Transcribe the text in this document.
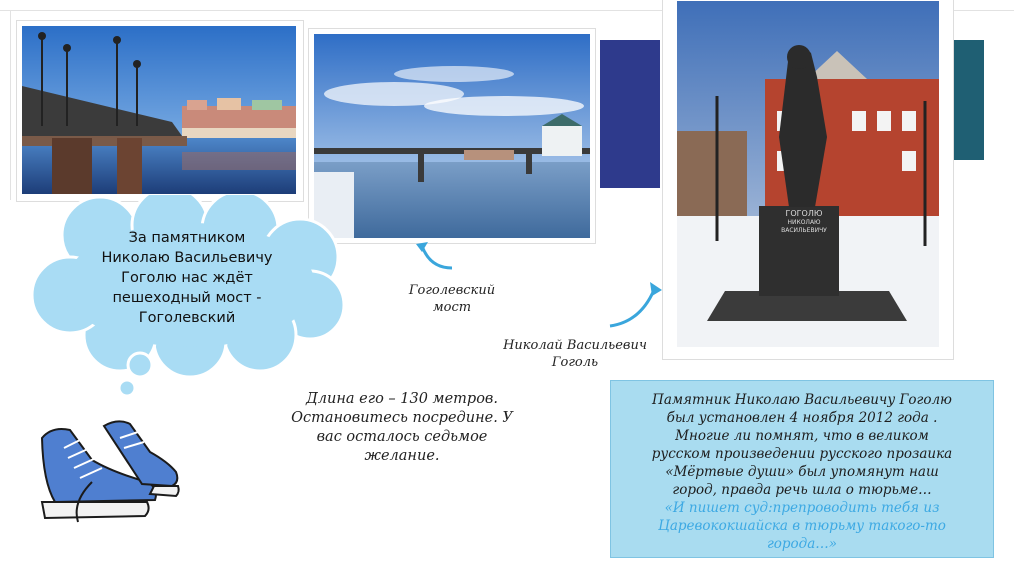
ГОГОЛЮ
НИКОЛАЮ
ВАСИЛЬЕВИЧУ
За памятником
Николаю Васильевичу
Гоголю нас ждёт
пешеходный мост -
Гоголевский
Гоголевский
мост
Николай Васильевич
Гоголь
Длина его – 130 метров.
Остановитесь посредине. У
вас осталось седьмое
желание.
Памятник Николаю Васильевичу Гоголю
был установлен 4 ноября 2012 года .
Многие ли помнят, что в великом
русском произведении русского прозаика
«Мёртвые души» был упомянут наш
город, правда речь шла о тюрьме…
«И пишет суд:препроводить тебя из
Царевококшайска в тюрьму такого-то
города…»
